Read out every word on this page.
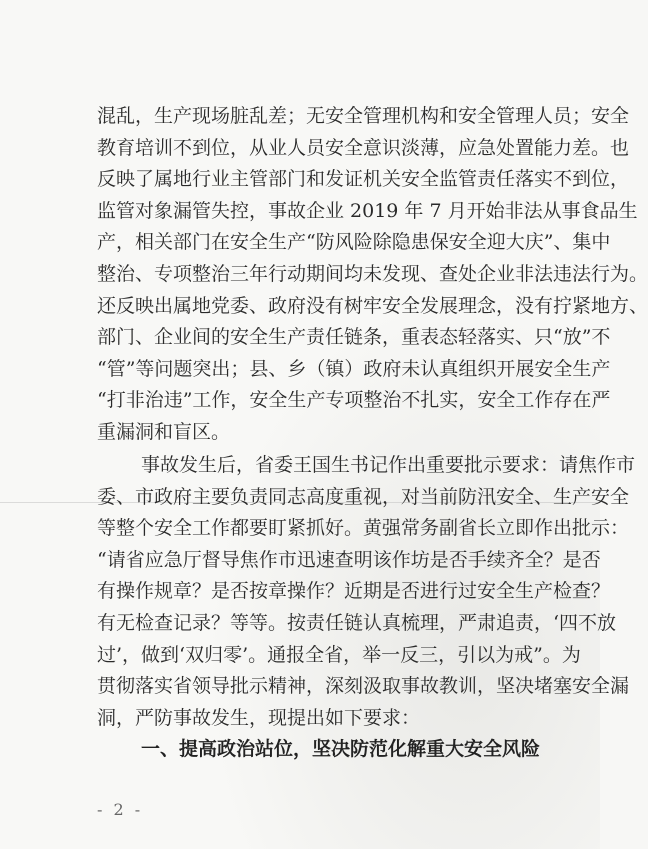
混乱，生产现场脏乱差；无安全管理机构和安全管理人员；安全
教育培训不到位，从业人员安全意识淡薄，应急处置能力差。也
反映了属地行业主管部门和发证机关安全监管责任落实不到位，
监管对象漏管失控，事故企业 2019 年 7 月开始非法从事食品生
产，相关部门在安全生产“防风险除隐患保安全迎大庆”、集中
整治、专项整治三年行动期间均未发现、查处企业非法违法行为。
还反映出属地党委、政府没有树牢安全发展理念，没有拧紧地方、
部门、企业间的安全生产责任链条，重表态轻落实、只“放”不
“管”等问题突出；县、乡（镇）政府未认真组织开展安全生产
“打非治违”工作，安全生产专项整治不扎实，安全工作存在严
重漏洞和盲区。
事故发生后，省委王国生书记作出重要批示要求：请焦作市
委、市政府主要负责同志高度重视，对当前防汛安全、生产安全
等整个安全工作都要盯紧抓好。黄强常务副省长立即作出批示：
“请省应急厅督导焦作市迅速查明该作坊是否手续齐全？是否
有操作规章？是否按章操作？近期是否进行过安全生产检查？
有无检查记录？等等。按责任链认真梳理，严肃追责，‘四不放
过’，做到‘双归零’。通报全省，举一反三，引以为戒”。为
贯彻落实省领导批示精神，深刻汲取事故教训，坚决堵塞安全漏
洞，严防事故发生，现提出如下要求：
一、提高政治站位，坚决防范化解重大安全风险
- 2 -
